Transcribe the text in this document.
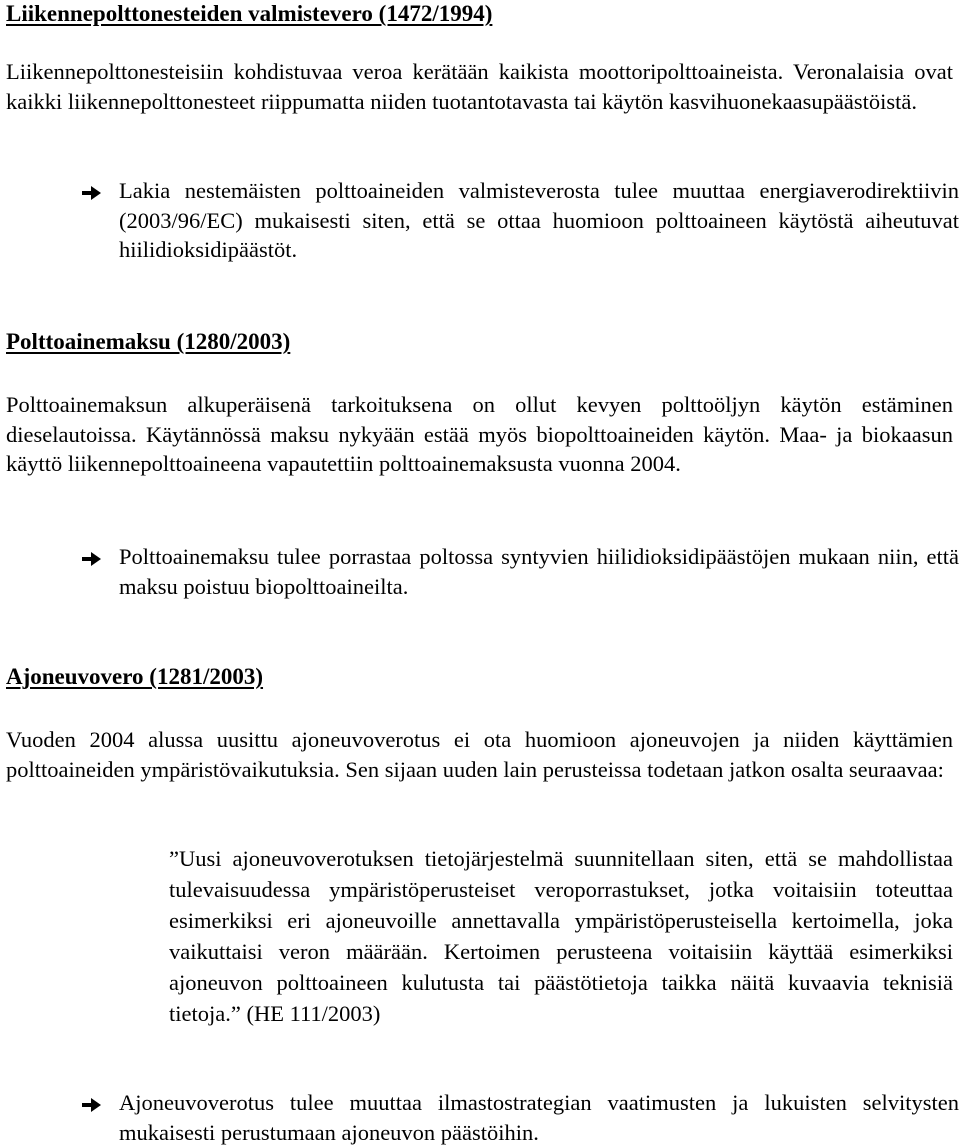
Liikennepolttonesteiden valmistevero (1472/1994)

Liikennepolttonesteisiin kohdistuvaa veroa kerätään kaikista moottoripolttoaineista. Veronalaisia ovat kaikki liikennepolttonesteet riippumatta niiden tuotantotavasta tai käytön kasvihuonekaasupäästöistä.

Lakia nestemäisten polttoaineiden valmisteverosta tulee muuttaa energiaverodirektiivin (2003/96/EC) mukaisesti siten, että se ottaa huomioon polttoaineen käytöstä aiheutuvat hiilidioksidipäästöt.
Polttoainemaksu (1280/2003)

Polttoainemaksun alkuperäisenä tarkoituksena on ollut kevyen polttoöljyn käytön estäminen dieselautoissa. Käytännössä maksu nykyään estää myös biopolttoaineiden käytön. Maa- ja biokaasun käyttö liikennepolttoaineena vapautettiin polttoainemaksusta vuonna 2004.

Polttoainemaksu tulee porrastaa poltossa syntyvien hiilidioksidipäästöjen mukaan niin, että maksu poistuu biopolttoaineilta.
Ajoneuvovero (1281/2003)

Vuoden 2004 alussa uusittu ajoneuvoverotus ei ota huomioon ajoneuvojen ja niiden käyttämien polttoaineiden ympäristövaikutuksia. Sen sijaan uuden lain perusteissa todetaan jatkon osalta seuraavaa:

”Uusi ajoneuvoverotuksen tietojärjestelmä suunnitellaan siten, että se mahdollistaa tulevaisuudessa ympäristöperusteiset veroporrastukset, jotka voitaisiin toteuttaa esimerkiksi eri ajoneuvoille annettavalla ympäristöperusteisella kertoimella, joka vaikuttaisi veron määrään. Kertoimen perusteena voitaisiin käyttää esimerkiksi ajoneuvon polttoaineen kulutusta tai päästötietoja taikka näitä kuvaavia teknisiä tietoja.” (HE 111/2003)

Ajoneuvoverotus tulee muuttaa ilmastostrategian vaatimusten ja lukuisten selvitysten mukaisesti perustumaan ajoneuvon päästöihin.
